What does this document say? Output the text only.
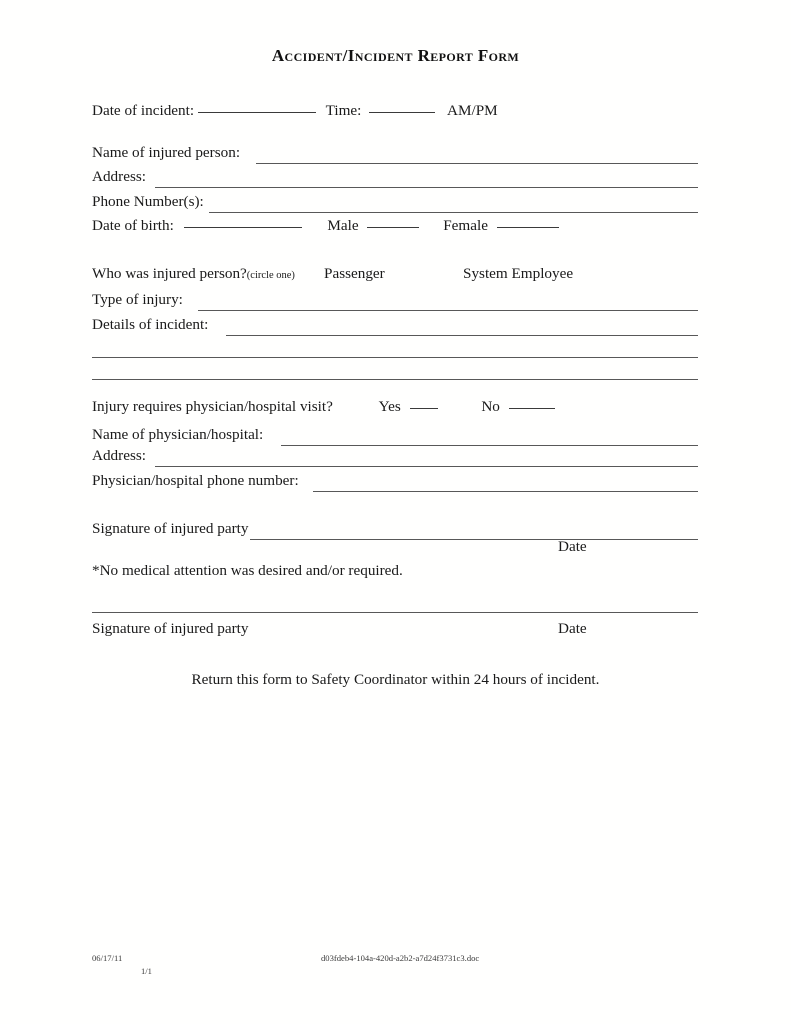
Accident/Incident Report Form
Date of incident:	Time:	AM/PM
Name of injured person:
Address:
Phone Number(s):
Date of birth:	Male	Female
Who was injured person?(circle one) Passenger	System Employee
Type of injury:
Details of incident:
Injury requires physician/hospital visit?	Yes	No
Name of physician/hospital:
Address:
Physician/hospital phone number:
Signature of injured party
Date
*No medical attention was desired and/or required.
Signature of injured party	Date
Return this form to Safety Coordinator within 24 hours of incident.
06/17/11
1/1
d03fdeb4-104a-420d-a2b2-a7d24f3731c3.doc
